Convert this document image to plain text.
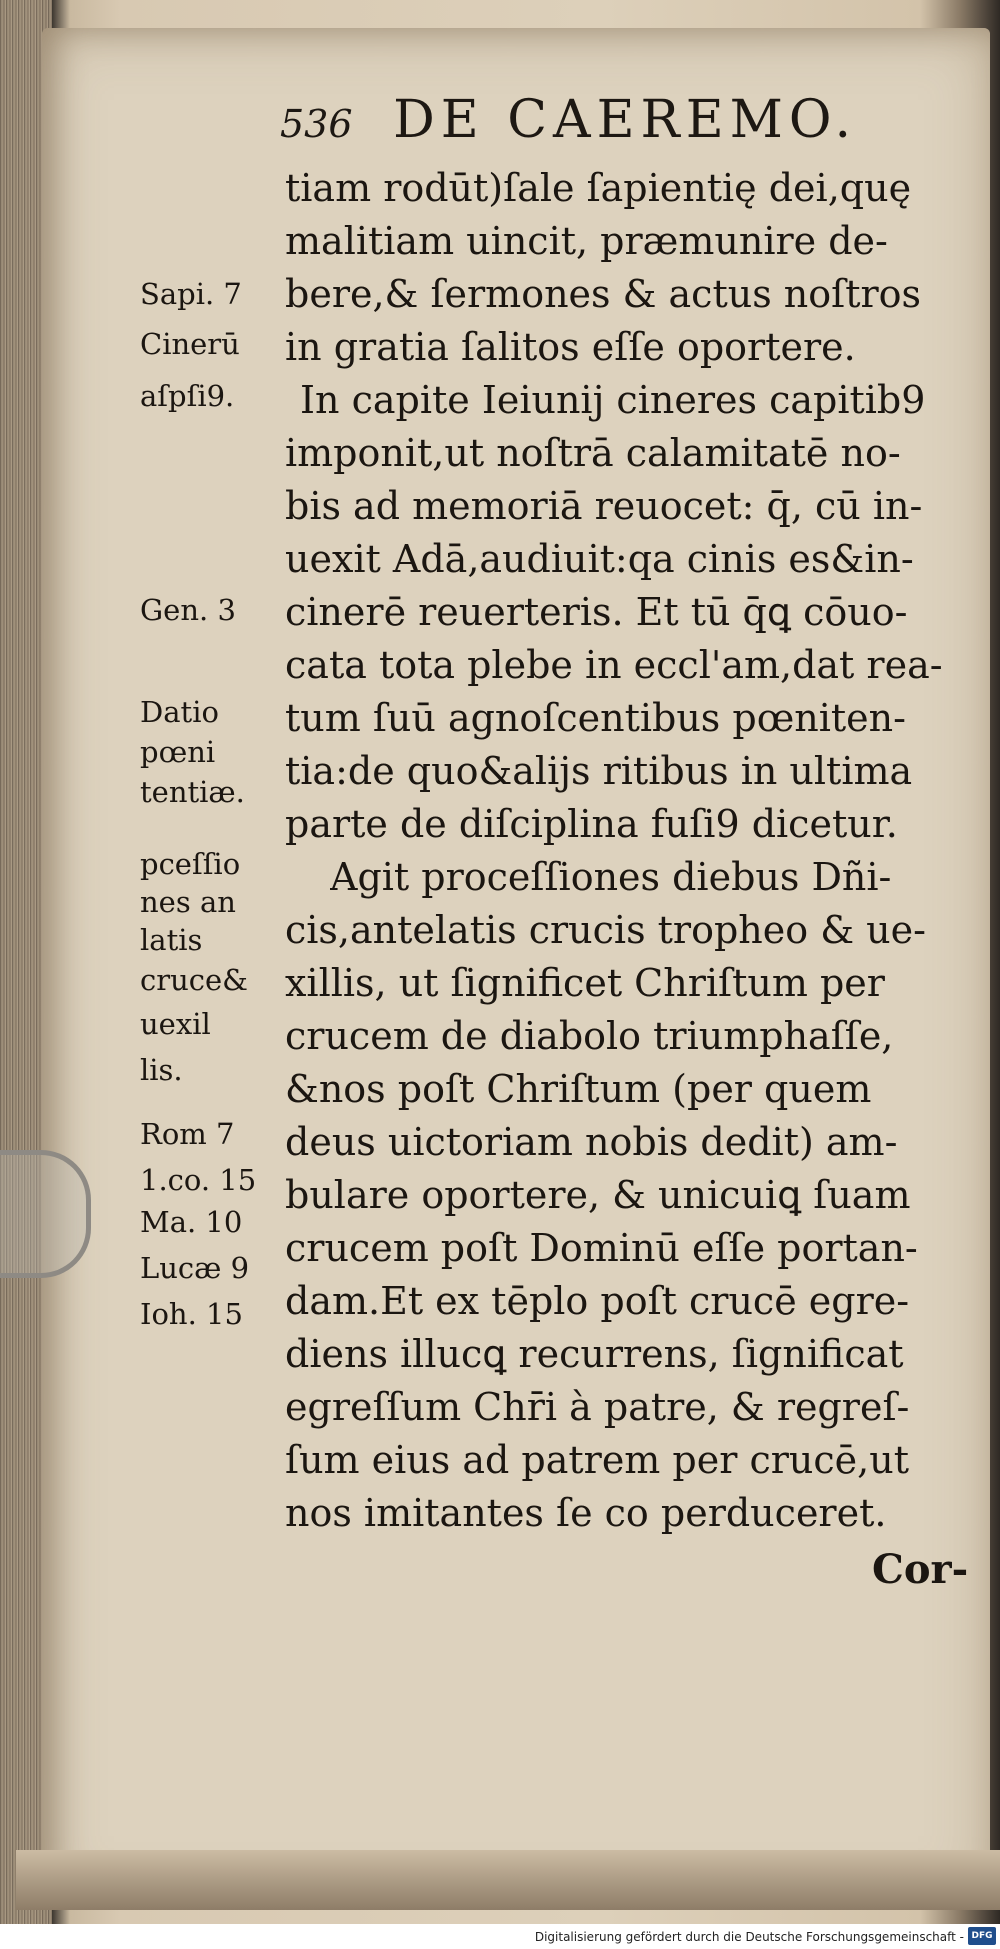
536 DE CAEREMO.
tiam rodūt)ſale ſapientię dei,quę
malitiam uincit, præmunire de-
bere,& ſermones & actus noſtros
in gratia ſalitos eſſe oportere.
In capite Ieiunij cineres capitib9
imponit,ut noſtrā calamitatē no-
bis ad memoriā reuocet: q̄, cū in-
uexit Adā,audiuit:qa cinis es&in-
cinerē reuerteris. Et tū q̄ꝗ cōuo-
cata tota plebe in eccl'am,dat rea-
tum ſuū agnoſcentibus pœniten-
tia:de quo&alijs ritibus in ultima
parte de diſciplina fuſi9 dicetur.
Agit proceſſiones diebus Dñi-
cis,antelatis crucis tropheo & ue-
xillis, ut ſignificet Chriſtum per
crucem de diabolo triumphaſſe,
&nos poſt Chriſtum (per quem
deus uictoriam nobis dedit) am-
bulare oportere, & unicuiꝗ ſuam
crucem poſt Dominū eſſe portan-
dam.Et ex tēplo poſt crucē egre-
diens illucꝗ recurrens, ſignificat
egreſſum Chr̄i à patre, & regreſ-
ſum eius ad patrem per crucē,ut
nos imitantes ſe co perduceret.
Sapi. 7
Cinerū
aſpſi9.
Gen. 3
Datio
pœni
tentiæ.
pceſſio
nes an
latis
cruce&
uexil
lis.
Rom 7
1.co. 15
Ma. 10
Lucæ 9
Ioh. 15
Cor-
Digitalisierung gefördert durch die Deutsche Forschungsgemeinschaft - DFG
